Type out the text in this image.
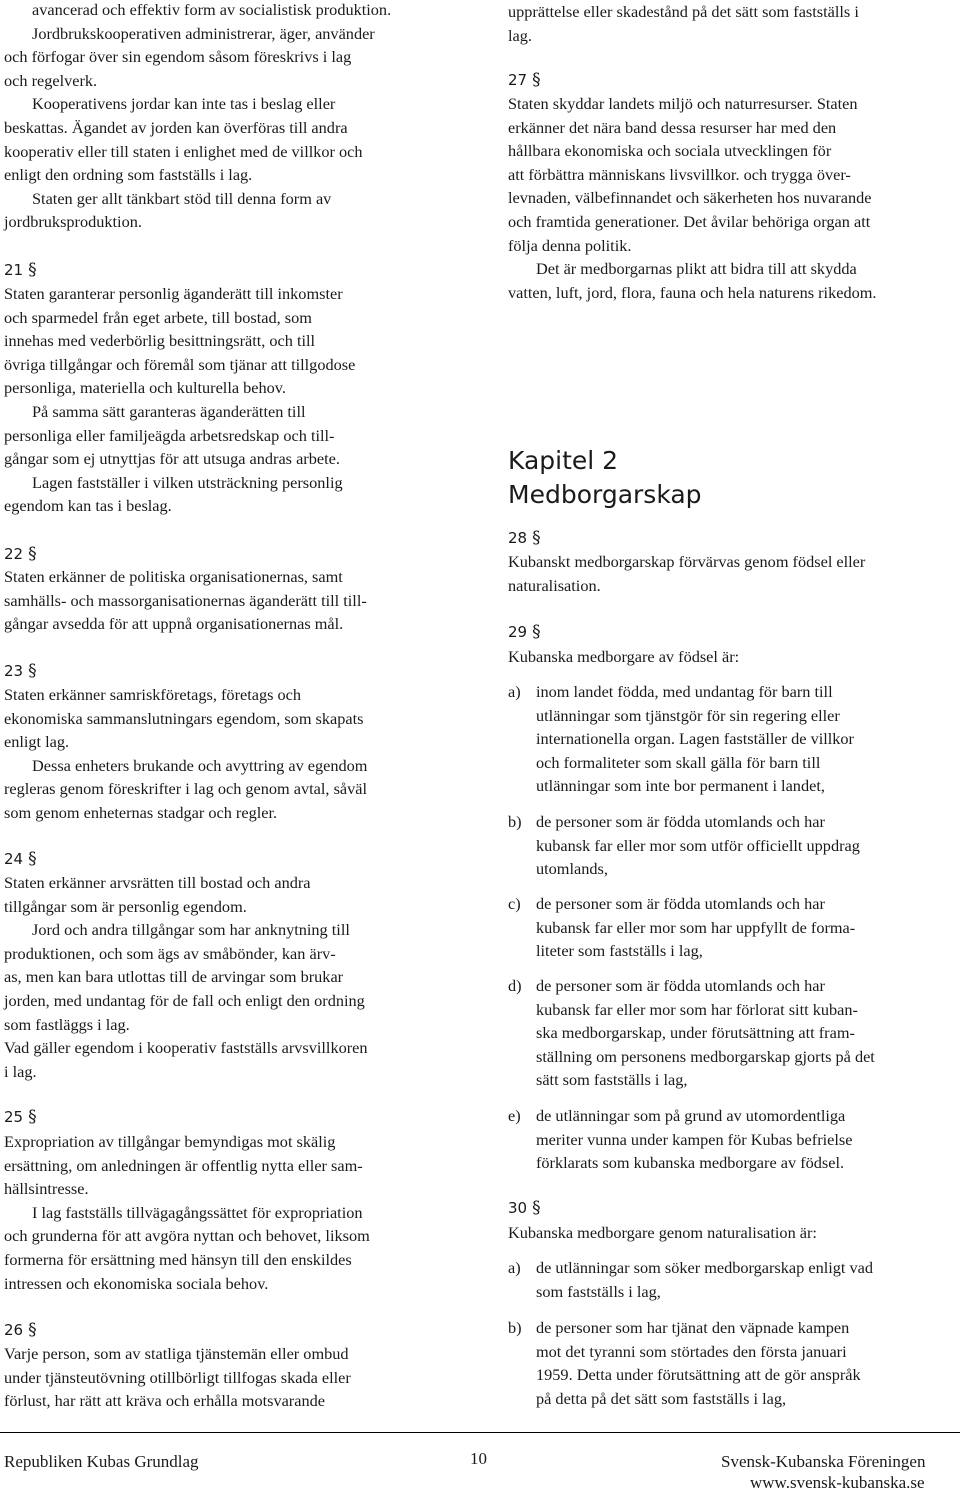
avancerad och effektiv form av socialistisk produktion.

Jordbrukskooperativen administrerar, äger, använder

och förfogar över sin egendom såsom föreskrivs i lag

och regelverk.

Kooperativens jordar kan inte tas i beslag eller

beskattas. Ägandet av jorden kan överföras till andra

kooperativ eller till staten i enlighet med de villkor och

enligt den ordning som fastställs i lag.

Staten ger allt tänkbart stöd till denna form av

jordbruksproduktion.

21 §

Staten garanterar personlig äganderätt till inkomster

och sparmedel från eget arbete, till bostad, som

innehas med vederbörlig besittningsrätt, och till

övriga tillgångar och föremål som tjänar att tillgodose

personliga, materiella och kulturella behov.

På samma sätt garanteras äganderätten till

personliga eller familjeägda arbetsredskap och till-

gångar som ej utnyttjas för att utsuga andras arbete.

Lagen fastställer i vilken utsträckning personlig

egendom kan tas i beslag.

22 §

Staten erkänner de politiska organisationernas, samt

samhälls- och massorganisationernas äganderätt till till-

gångar avsedda för att uppnå organisationernas mål.

23 §

Staten erkänner samriskföretags, företags och

ekonomiska sammanslutningars egendom, som skapats

enligt lag.

Dessa enheters brukande och avyttring av egendom

regleras genom föreskrifter i lag och genom avtal, såväl

som genom enheternas stadgar och regler.

24 §

Staten erkänner arvsrätten till bostad och andra

tillgångar som är personlig egendom.

Jord och andra tillgångar som har anknytning till

produktionen, och som ägs av småbönder, kan ärv-

as, men kan bara utlottas till de arvingar som brukar

jorden, med undantag för de fall och enligt den ordning

som fastläggs i lag.

Vad gäller egendom i kooperativ fastställs arvsvillkoren

i lag.

25 §

Expropriation av tillgångar bemyndigas mot skälig

ersättning, om anledningen är offentlig nytta eller sam-

hällsintresse.

I lag fastställs tillvägagångssättet för expropriation

och grunderna för att avgöra nyttan och behovet, liksom

formerna för ersättning med hänsyn till den enskildes

intressen och ekonomiska sociala behov.

26 §

Varje person, som av statliga tjänstemän eller ombud

under tjänsteutövning otillbörligt tillfogas skada eller

förlust, har rätt att kräva och erhålla motsvarande

upprättelse eller skadestånd på det sätt som fastställs i

lag.

27 §

Staten skyddar landets miljö och naturresurser. Staten

erkänner det nära band dessa resurser har med den

hållbara ekonomiska och sociala utvecklingen för

att förbättra människans livsvillkor. och trygga över-

levnaden, välbefinnandet och säkerheten hos nuvarande

och framtida generationer. Det åvilar behöriga organ att

följa denna politik.

Det är medborgarnas plikt att bidra till att skydda

vatten, luft, jord, flora, fauna och hela naturens rikedom.

Kapitel 2
Medborgarskap
28 §

Kubanskt medborgarskap förvärvas genom födsel eller

naturalisation.

29 §

Kubanska medborgare av födsel är:

a) inom landet födda, med undantag för barn till

utlänningar som tjänstgör för sin regering eller

internationella organ. Lagen fastställer de villkor

och formaliteter som skall gälla för barn till

utlänningar som inte bor permanent i landet,

b) de personer som är födda utomlands och har

kubansk far eller mor som utför officiellt uppdrag

utomlands,

c) de personer som är födda utomlands och har

kubansk far eller mor som har uppfyllt de forma-

liteter som fastställs i lag,

d) de personer som är födda utomlands och har

kubansk far eller mor som har förlorat sitt kuban-

ska medborgarskap, under förutsättning att fram-

ställning om personens medborgarskap gjorts på det

sätt som fastställs i lag,

e) de utlänningar som på grund av utomordentliga

meriter vunna under kampen för Kubas befrielse

förklarats som kubanska medborgare av födsel.

30 §

Kubanska medborgare genom naturalisation är:

a) de utlänningar som söker medborgarskap enligt vad

som fastställs i lag,

b) de personer som har tjänat den väpnade kampen

mot det tyranni som störtades den första januari

1959. Detta under förutsättning att de gör anspråk

på detta på det sätt som fastställs i lag,

Republiken Kubas Grundlag	10	Svensk-Kubanska Föreningen
www.svensk-kubanska.se
